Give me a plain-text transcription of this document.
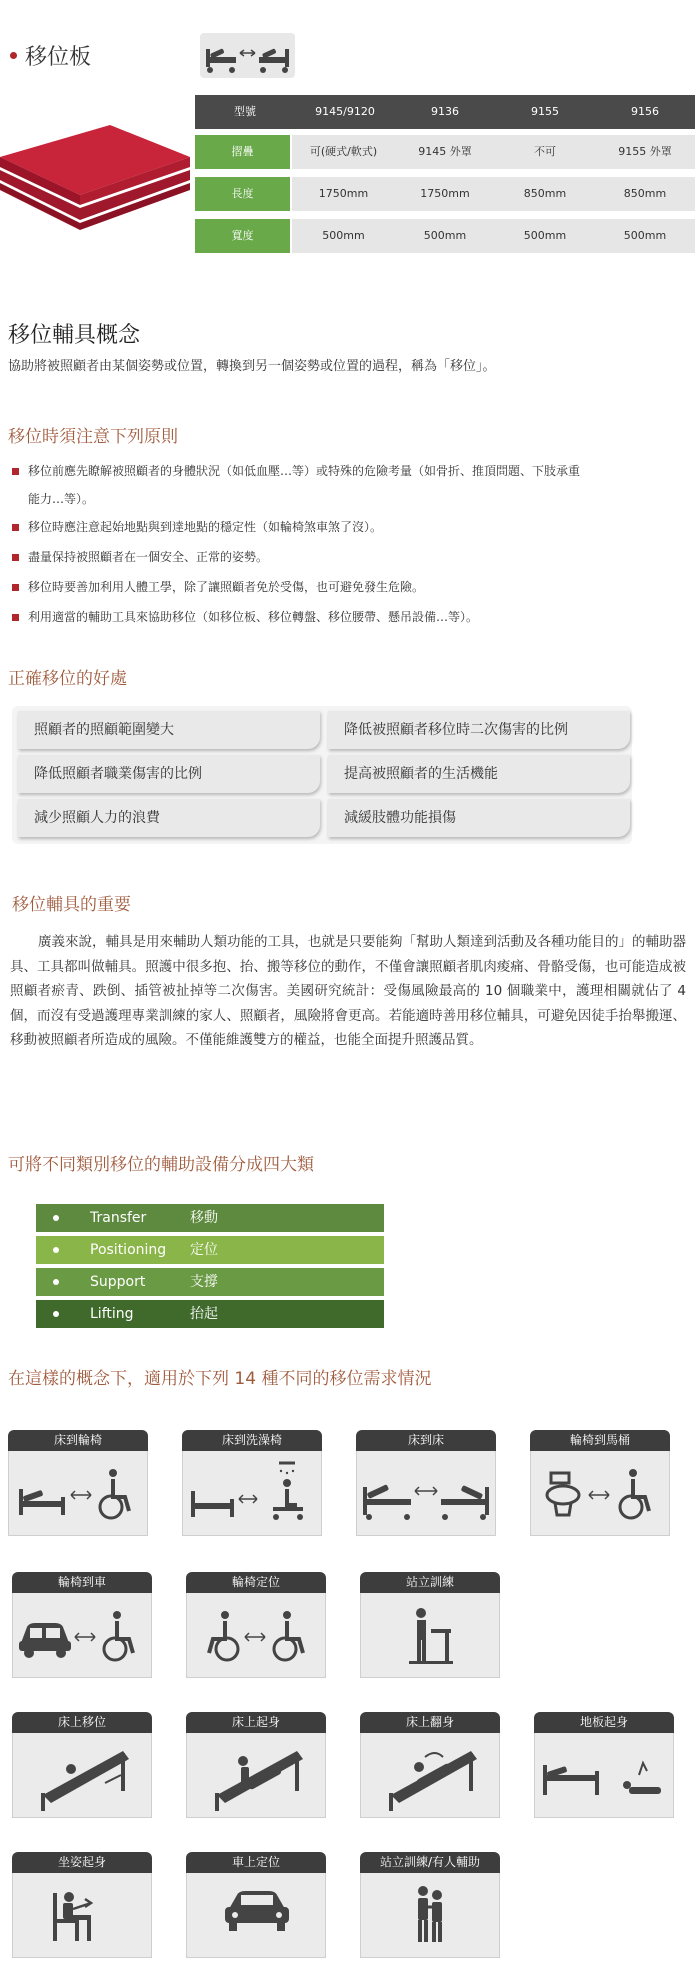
移位板
型號	9145/9120	9136	9155	9156
摺疊	可(硬式/軟式)	9145 外罩	不可	9155 外罩
長度	1750mm	1750mm	850mm	850mm
寬度	500mm	500mm	500mm	500mm
移位輔具概念
協助將被照顧者由某個姿勢或位置，轉換到另一個姿勢或位置的過程，稱為「移位」。
移位時須注意下列原則
移位前應先瞭解被照顧者的身體狀況（如低血壓…等）或特殊的危險考量（如骨折、推頂問題、下肢承重
能力…等）。
移位時應注意起始地點與到達地點的穩定性（如輪椅煞車煞了沒）。
盡量保持被照顧者在一個安全、正常的姿勢。
移位時要善加利用人體工學，除了讓照顧者免於受傷，也可避免發生危險。
利用適當的輔助工具來協助移位（如移位板、移位轉盤、移位腰帶、懸吊設備…等）。
正確移位的好處
照顧者的照顧範圍變大	降低被照顧者移位時二次傷害的比例
降低照顧者職業傷害的比例	提高被照顧者的生活機能
減少照顧人力的浪費	減緩肢體功能損傷
移位輔具的重要
廣義來說，輔具是用來輔助人類功能的工具，也就是只要能夠「幫助人類達到活動及各種功能目的」的輔助器具、工具都叫做輔具。照護中很多抱、抬、搬等移位的動作，不僅會讓照顧者肌肉痠痛、骨骼受傷，也可能造成被照顧者瘀青、跌倒、插管被扯掉等二次傷害。美國研究統計：受傷風險最高的 10 個職業中，護理相關就佔了 4 個，而沒有受過護理專業訓練的家人、照顧者，風險將會更高。若能適時善用移位輔具，可避免因徒手抬舉搬運、移動被照顧者所造成的風險。不僅能維護雙方的權益，也能全面提升照護品質。
可將不同類別移位的輔助設備分成四大類
Transfer	移動
Positioning 定位
Support	支撐
Lifting	抬起
在這樣的概念下，適用於下列 14 種不同的移位需求情況
床到輪椅	床到洗澡椅	床到床	輪椅到馬桶
輪椅到車	輪椅定位	站立訓練
床上移位	床上起身	床上翻身	地板起身
坐姿起身	車上定位	站立訓練/有人輔助
